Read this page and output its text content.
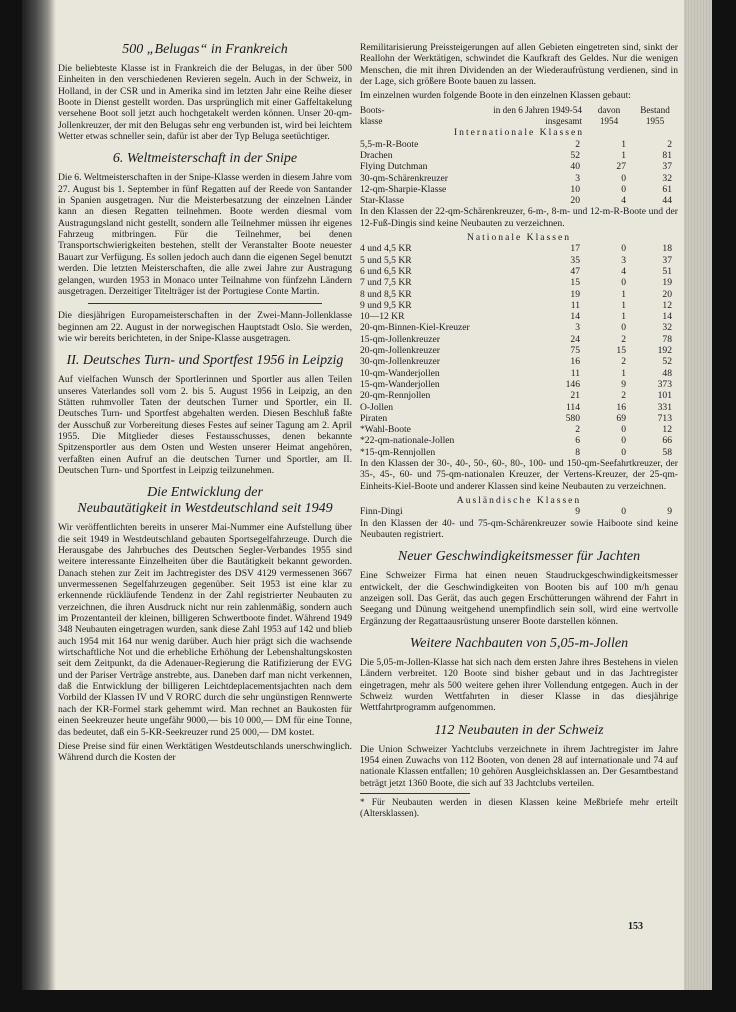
500 „Belugas“ in Frankreich

Die beliebteste Klasse ist in Frankreich die der Belugas, in der über 500 Einheiten in den verschiedenen Revieren segeln. Auch in der Schweiz, in Holland, in der CSR und in Amerika sind im letzten Jahr eine Reihe dieser Boote in Dienst gestellt worden. Das ursprünglich mit einer Gaffeltakelung versehene Boot soll jetzt auch hochgetakelt werden können. Unser 20-qm-Jollenkreuzer, der mit den Belugas sehr eng verbunden ist, wird bei leichtem Wetter etwas schneller sein, dafür ist aber der Typ Beluga seetüchtiger.

6. Weltmeisterschaft in der Snipe

Die 6. Weltmeisterschaften in der Snipe-Klasse werden in diesem Jahre vom 27. August bis 1. September in fünf Regatten auf der Reede von Santander in Spanien ausgetragen. Nur die Meisterbesatzung der einzelnen Länder kann an diesen Regatten teilnehmen. Boote werden diesmal vom Austragungsland nicht gestellt, sondern alle Teilnehmer müssen ihr eigenes Fahrzeug mitbringen. Für die Teilnehmer, bei denen Transportschwierigkeiten bestehen, stellt der Veranstalter Boote neuester Bauart zur Verfügung. Es sollen jedoch auch dann die eigenen Segel benutzt werden. Die letzten Meisterschaften, die alle zwei Jahre zur Austragung gelangen, wurden 1953 in Monaco unter Teilnahme von fünfzehn Ländern ausgetragen. Derzeitiger Titelträger ist der Portugiese Conte Martin.

Die diesjährigen Europameisterschaften in der Zwei-Mann-Jollenklasse beginnen am 22. August in der norwegischen Hauptstadt Oslo. Sie werden, wie wir bereits berichteten, in der Snipe-Klasse ausgetragen.

II. Deutsches Turn- und Sportfest 1956 in Leipzig

Auf vielfachen Wunsch der Sportlerinnen und Sportler aus allen Teilen unseres Vaterlandes soll vom 2. bis 5. August 1956 in Leipzig, an den Stätten ruhmvoller Taten der deutschen Turner und Sportler, ein II. Deutsches Turn- und Sportfest abgehalten werden. Diesen Beschluß faßte der Ausschuß zur Vorbereitung dieses Festes auf seiner Tagung am 2. April 1955. Die Mitglieder dieses Festausschusses, denen bekannte Spitzensportler aus dem Osten und Westen unserer Heimat angehören, verfaßten einen Aufruf an die deutschen Turner und Sportler, am II. Deutschen Turn- und Sportfest in Leipzig teilzunehmen.

Die Entwicklung der
Neubautätigkeit in Westdeutschland seit 1949

Wir veröffentlichten bereits in unserer Mai-Nummer eine Aufstellung über die seit 1949 in Westdeutschland gebauten Sportsegelfahrzeuge. Durch die Herausgabe des Jahrbuches des Deutschen Segler-Verbandes 1955 sind weitere interessante Einzelheiten über die Bautätigkeit bekannt geworden. Danach stehen zur Zeit im Jachtregister des DSV 4129 vermessenen 3667 unvermessenen Segelfahrzeugen gegenüber. Seit 1953 ist eine klar zu erkennende rückläufende Tendenz in der Zahl registrierter Neubauten zu verzeichnen, die ihren Ausdruck nicht nur rein zahlenmäßig, sondern auch im Prozentanteil der kleinen, billigeren Schwertboote findet. Während 1949 348 Neubauten eingetragen wurden, sank diese Zahl 1953 auf 142 und blieb auch 1954 mit 164 nur wenig darüber. Auch hier prägt sich die wachsende wirtschaftliche Not und die erhebliche Erhöhung der Lebenshaltungskosten seit dem Zeitpunkt, da die Adenauer-Regierung die Ratifizierung der EVG und der Pariser Verträge anstrebte, aus. Daneben darf man nicht verkennen, daß die Entwicklung der billigeren Leichtdeplacementsjachten nach dem Vorbild der Klassen IV und V RORC durch die sehr ungünstigen Rennwerte nach der KR-Formel stark gehemmt wird. Man rechnet an Baukosten für einen Seekreuzer heute ungefähr 9000,— bis 10 000,— DM für eine Tonne, das bedeutet, daß ein 5-KR-Seekreuzer rund 25 000,— DM kostet.

Diese Preise sind für einen Werktätigen Westdeutschlands unerschwinglich. Während durch die Kosten der

Remilitarisierung Preissteigerungen auf allen Gebieten eingetreten sind, sinkt der Reallohn der Werktätigen, schwindet die Kaufkraft des Geldes. Nur die wenigen Menschen, die mit ihren Dividenden an der Wiederaufrüstung verdienen, sind in der Lage, sich größere Boote bauen zu lassen.

Im einzelnen wurden folgende Boote in den einzelnen Klassen gebaut:

Boots-	in den 6 Jahren 1949-54	davon	Bestand
klasse	insgesamt	1954	1955
Internationale Klassen			
5,5-m-R-Boote	2	1	2
Drachen	52	1	81
Flying Dutchman	40	27	37
30-qm-Schärenkreuzer	3	0	32
12-qm-Sharpie-Klasse	10	0	61
Star-Klasse	20	4	44

In den Klassen der 22-qm-Schärenkreuzer, 6-m-, 8-m- und 12-m-R-Boote und der 12-Fuß-Dingis sind keine Neubauten zu verzeichnen.

Nationale Klassen			
4 und 4,5 KR	17	0	18
5 und 5,5 KR	35	3	37
6 und 6,5 KR	47	4	51
7 und 7,5 KR	15	0	19
8 und 8,5 KR	19	1	20
9 und 9,5 KR	11	1	12
10—12 KR	14	1	14
20-qm-Binnen-Kiel-Kreuzer	3	0	32
15-qm-Jollenkreuzer	24	2	78
20-qm-Jollenkreuzer	75	15	192
30-qm-Jollenkreuzer	16	2	52
10-qm-Wanderjollen	11	1	48
15-qm-Wanderjollen	146	9	373
20-qm-Rennjollen	21	2	101
O-Jollen	114	16	331
Piraten	580	69	713
*Wahl-Boote	2	0	12
*22-qm-nationale-Jollen	6	0	66
*15-qm-Rennjollen	8	0	58

In den Klassen der 30-, 40-, 50-, 60-, 80-, 100- und 150-qm-Seefahrtkreuzer, der 35-, 45-, 60- und 75-qm-nationalen Kreuzer, der Vertens-Kreuzer, der 25-qm-Einheits-Kiel-Boote und anderer Klassen sind keine Neubauten zu verzeichnen.

Ausländische Klassen
Finn-Dingi	9	0	9

In den Klassen der 40- und 75-qm-Schärenkreuzer sowie Haiboote sind keine Neubauten registriert.

Neuer Geschwindigkeitsmesser für Jachten

Eine Schweizer Firma hat einen neuen Staudruckgeschwindigkeitsmesser entwickelt, der die Geschwindigkeiten von Booten bis auf 100 m/h genau anzeigen soll. Das Gerät, das auch gegen Erschütterungen während der Fahrt in Seegang und Dünung weitgehend unempfindlich sein soll, wird eine wertvolle Ergänzung der Regattaausrüstung unserer Boote darstellen können.

Weitere Nachbauten von 5,05-m-Jollen

Die 5,05-m-Jollen-Klasse hat sich nach dem ersten Jahre ihres Bestehens in vielen Ländern verbreitet. 120 Boote sind bisher gebaut und in das Jachtregister eingetragen, mehr als 500 weitere gehen ihrer Vollendung entgegen. Auch in der Schweiz wurden Wettfahrten in dieser Klasse in das diesjährige Wettfahrtprogramm aufgenommen.

112 Neubauten in der Schweiz

Die Union Schweizer Yachtclubs verzeichnete in ihrem Jachtregister im Jahre 1954 einen Zuwachs von 112 Booten, von denen 28 auf internationale und 74 auf nationale Klassen entfallen; 10 gehören Ausgleichsklassen an. Der Gesamtbestand beträgt jetzt 1360 Boote, die sich auf 33 Jachtclubs verteilen.

* Für Neubauten werden in diesen Klassen keine Meßbriefe mehr erteilt (Altersklassen).
153
